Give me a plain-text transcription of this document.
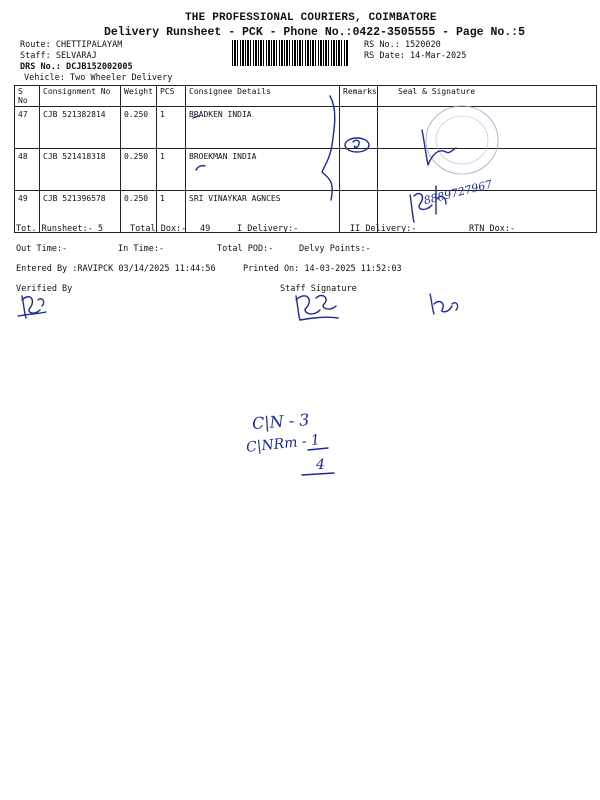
THE PROFESSIONAL COURIERS, COIMBATORE
Delivery Runsheet - PCK - Phone No.:0422-3505555 - Page No.:5
Route: CHETTIPALAYAM
Staff: SELVARAJ
DRS No.: DCJB152002005
Vehicle: Two Wheeler Delivery
RS No.: 1520020
RS Date: 14-Mar-2025
S No	Consignment No	Weight	PCS	Consignee Details	Remarks	Seal & Signature
47	CJB 521382814	0.250	1	BRADKEN INDIA		
48	CJB 521418318	0.250	1	BROEKMAN INDIA		
49	CJB 521396578	0.250	1	SRI VINAYKAR AGNCES		
Tot. Runsheet:- 5	Total Dox:- 49	I Delivery:-	II Delivery:-	RTN Dox:-
Out Time:-	In Time:-	Total POD:-	Delvy Points:-
Entered By :RAVIPCK 03/14/2025 11:44:56	Printed On: 14-03-2025 11:52:03
Verified By	Staff Signature
8889727967
C|N - 3
C|NRm - 1
4
